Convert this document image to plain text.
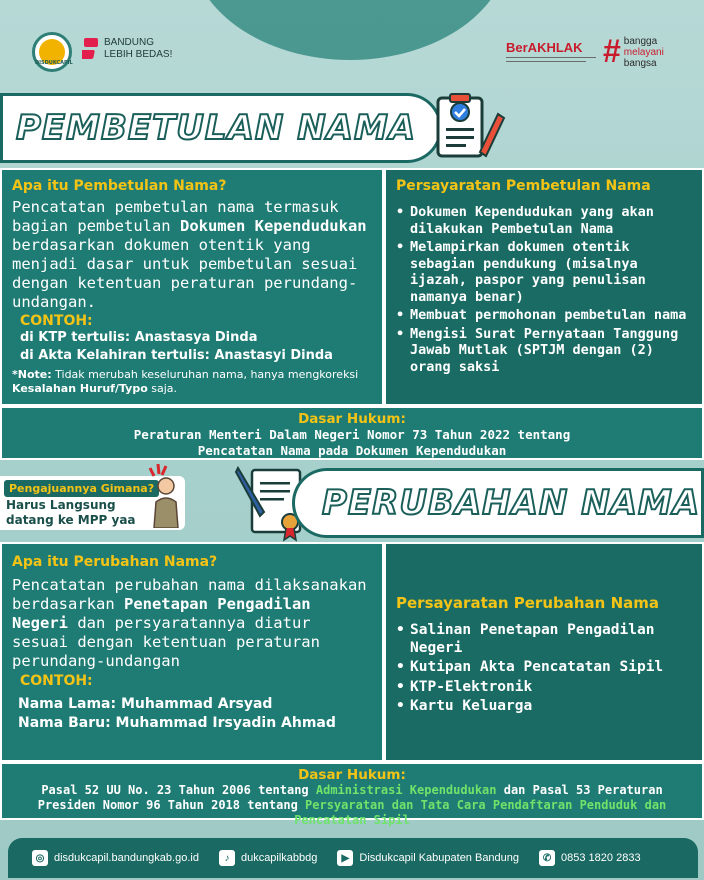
DISDUKCAPIL
BANDUNG
LEBIH BEDAS!	BerAKHLAK # bangga
melayani
bangsa
PEMBETULAN NAMA
Apa itu Pembetulan Nama?

Pencatatan pembetulan nama termasuk bagian pembetulan Dokumen Kependudukan berdasarkan dokumen otentik yang menjadi dasar untuk pembetulan sesuai dengan ketentuan peraturan perundang-undangan.

CONTOH:
di KTP tertulis: Anastasya Dinda
di Akta Kelahiran tertulis: Anastasyi Dinda

*Note: Tidak merubah keseluruhan nama, hanya mengkoreksi Kesalahan Huruf/Typo saja.

Persayaratan Pembetulan Nama
• Dokumen Kependudukan yang akan dilakukan Pembetulan Nama
• Melampirkan dokumen otentik sebagian pendukung (misalnya ijazah, paspor yang penulisan namanya benar)
• Membuat permohonan pembetulan nama
• Mengisi Surat Pernyataan Tanggung Jawab Mutlak (SPTJM dengan (2) orang saksi
Dasar Hukum:
Peraturan Menteri Dalam Negeri Nomor 73 Tahun 2022 tentang
Pencatatan Nama pada Dokumen Kependudukan
Pengajuannya Gimana?
Harus Langsung
datang ke MPP yaa	PERUBAHAN NAMA
Apa itu Perubahan Nama?

Pencatatan perubahan nama dilaksanakan berdasarkan Penetapan Pengadilan Negeri dan persyaratannya diatur sesuai dengan ketentuan peraturan perundang-undangan

CONTOH:
Nama Lama: Muhammad Arsyad
Nama Baru: Muhammad Irsyadin Ahmad
Persayaratan Perubahan Nama
• Salinan Penetapan Pengadilan Negeri
• Kutipan Akta Pencatatan Sipil
• KTP-Elektronik
• Kartu Keluarga
Dasar Hukum:
Pasal 52 UU No. 23 Tahun 2006 tentang Administrasi Kependudukan dan Pasal 53 Peraturan Presiden Nomor 96 Tahun 2018 tentang Persyaratan dan Tata Cara Pendaftaran Penduduk dan Pencatatan Sipil
◎ disdukcapil.bandungkab.go.id	♪	dukcapilkabbdg	▶ Disdukcapil Kabupaten Bandung	✆ 0853 1820 2833
